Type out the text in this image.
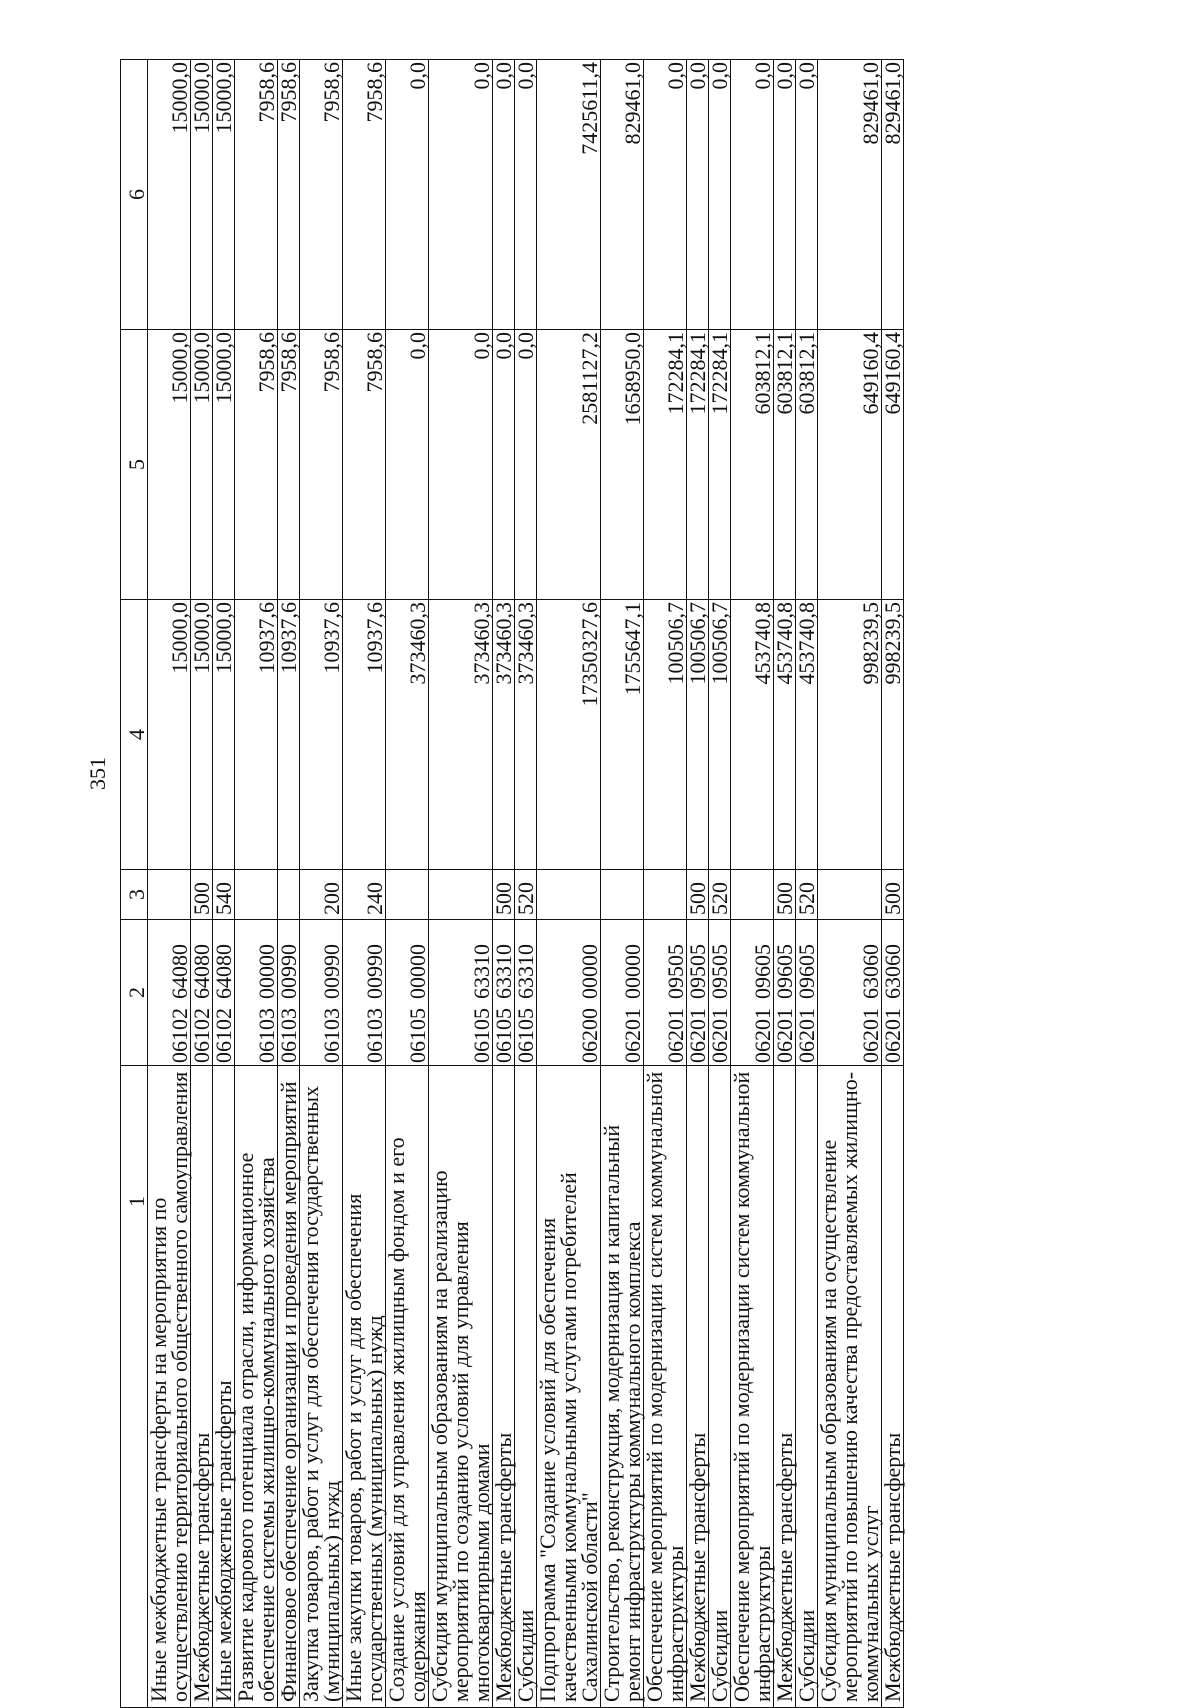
351
1	2	3	4	5	6
Иные межбюджетные трансферты на мероприятия по осуществлению территориального общественного самоуправления	0610264080		15000,0	15000,0	15000,0
Межбюджетные трансферты	0610264080	500	15000,0	15000,0	15000,0
Иные межбюджетные трансферты	0610264080	540	15000,0	15000,0	15000,0
Развитие кадрового потенциала отрасли, информационное обеспечение системы жилищно-коммунального хозяйства	0610300000		10937,6	7958,6	7958,6
Финансовое обеспечение организации и проведения мероприятий	0610300990		10937,6	7958,6	7958,6
Закупка товаров, работ и услуг для обеспечения государственных (муниципальных) нужд	0610300990	200	10937,6	7958,6	7958,6
Иные закупки товаров, работ и услуг для обеспечения государственных (муниципальных) нужд	0610300990	240	10937,6	7958,6	7958,6
Создание условий для управления жилищным фондом и его содержания	0610500000		373460,3	0,0	0,0
Субсидия муниципальным образованиям на реализацию мероприятий по созданию условий для управления многоквартирными домами	0610563310		373460,3	0,0	0,0
Межбюджетные трансферты	0610563310	500	373460,3	0,0	0,0
Субсидии	0610563310	520	373460,3	0,0	0,0
Подпрограмма "Создание условий для обеспечения качественными коммунальными услугами потребителей Сахалинской области"	0620000000		17350327,6	2581127,2	7425611,4
Строительство, реконструкция, модернизация и капитальный ремонт инфраструктуры коммунального комплекса	0620100000		1755647,1	1658950,0	829461,0
Обеспечение мероприятий по модернизации систем коммунальной инфраструктуры	0620109505		100506,7	172284,1	0,0
Межбюджетные трансферты	0620109505	500	100506,7	172284,1	0,0
Субсидии	0620109505	520	100506,7	172284,1	0,0
Обеспечение мероприятий по модернизации систем коммунальной инфраструктуры	0620109605		453740,8	603812,1	0,0
Межбюджетные трансферты	0620109605	500	453740,8	603812,1	0,0
Субсидии	0620109605	520	453740,8	603812,1	0,0
Субсидия муниципальным образованиям на осуществление мероприятий по повышению качества предоставляемых жилищно-коммунальных услуг	0620163060		998239,5	649160,4	829461,0
Межбюджетные трансферты	0620163060	500	998239,5	649160,4	829461,0
